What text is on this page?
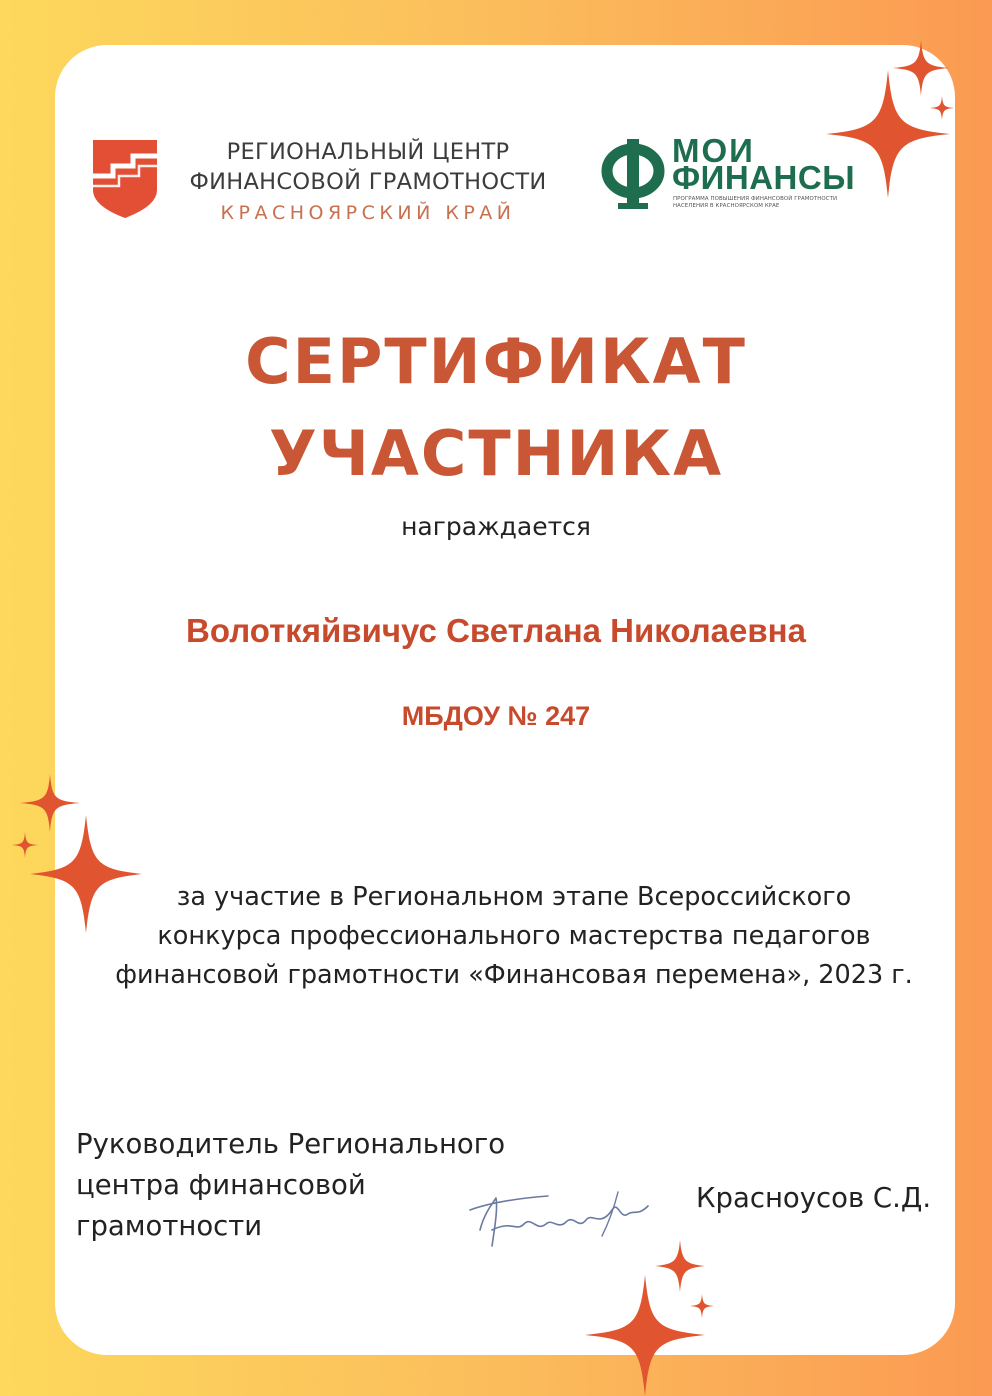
РЕГИОНАЛЬНЫЙ ЦЕНТР
ФИНАНСОВОЙ ГРАМОТНОСТИ
КРАСНОЯРСКИЙ КРАЙ
МОИ
ФИНАНСЫ
ПРОГРАММА ПОВЫШЕНИЯ ФИНАНСОВОЙ ГРАМОТНОСТИ НАСЕЛЕНИЯ В КРАСНОЯРСКОМ КРАЕ
СЕРТИФИКАТ
УЧАСТНИКА
награждается
Волоткяйвичус Светлана Николаевна
МБДОУ № 247
за участие в Региональном этапе Всероссийского
конкурса профессионального мастерства педагогов
финансовой грамотности «Финансовая перемена», 2023 г.
Руководитель Регионального
центра финансовой
грамотности
Красноусов С.Д.
